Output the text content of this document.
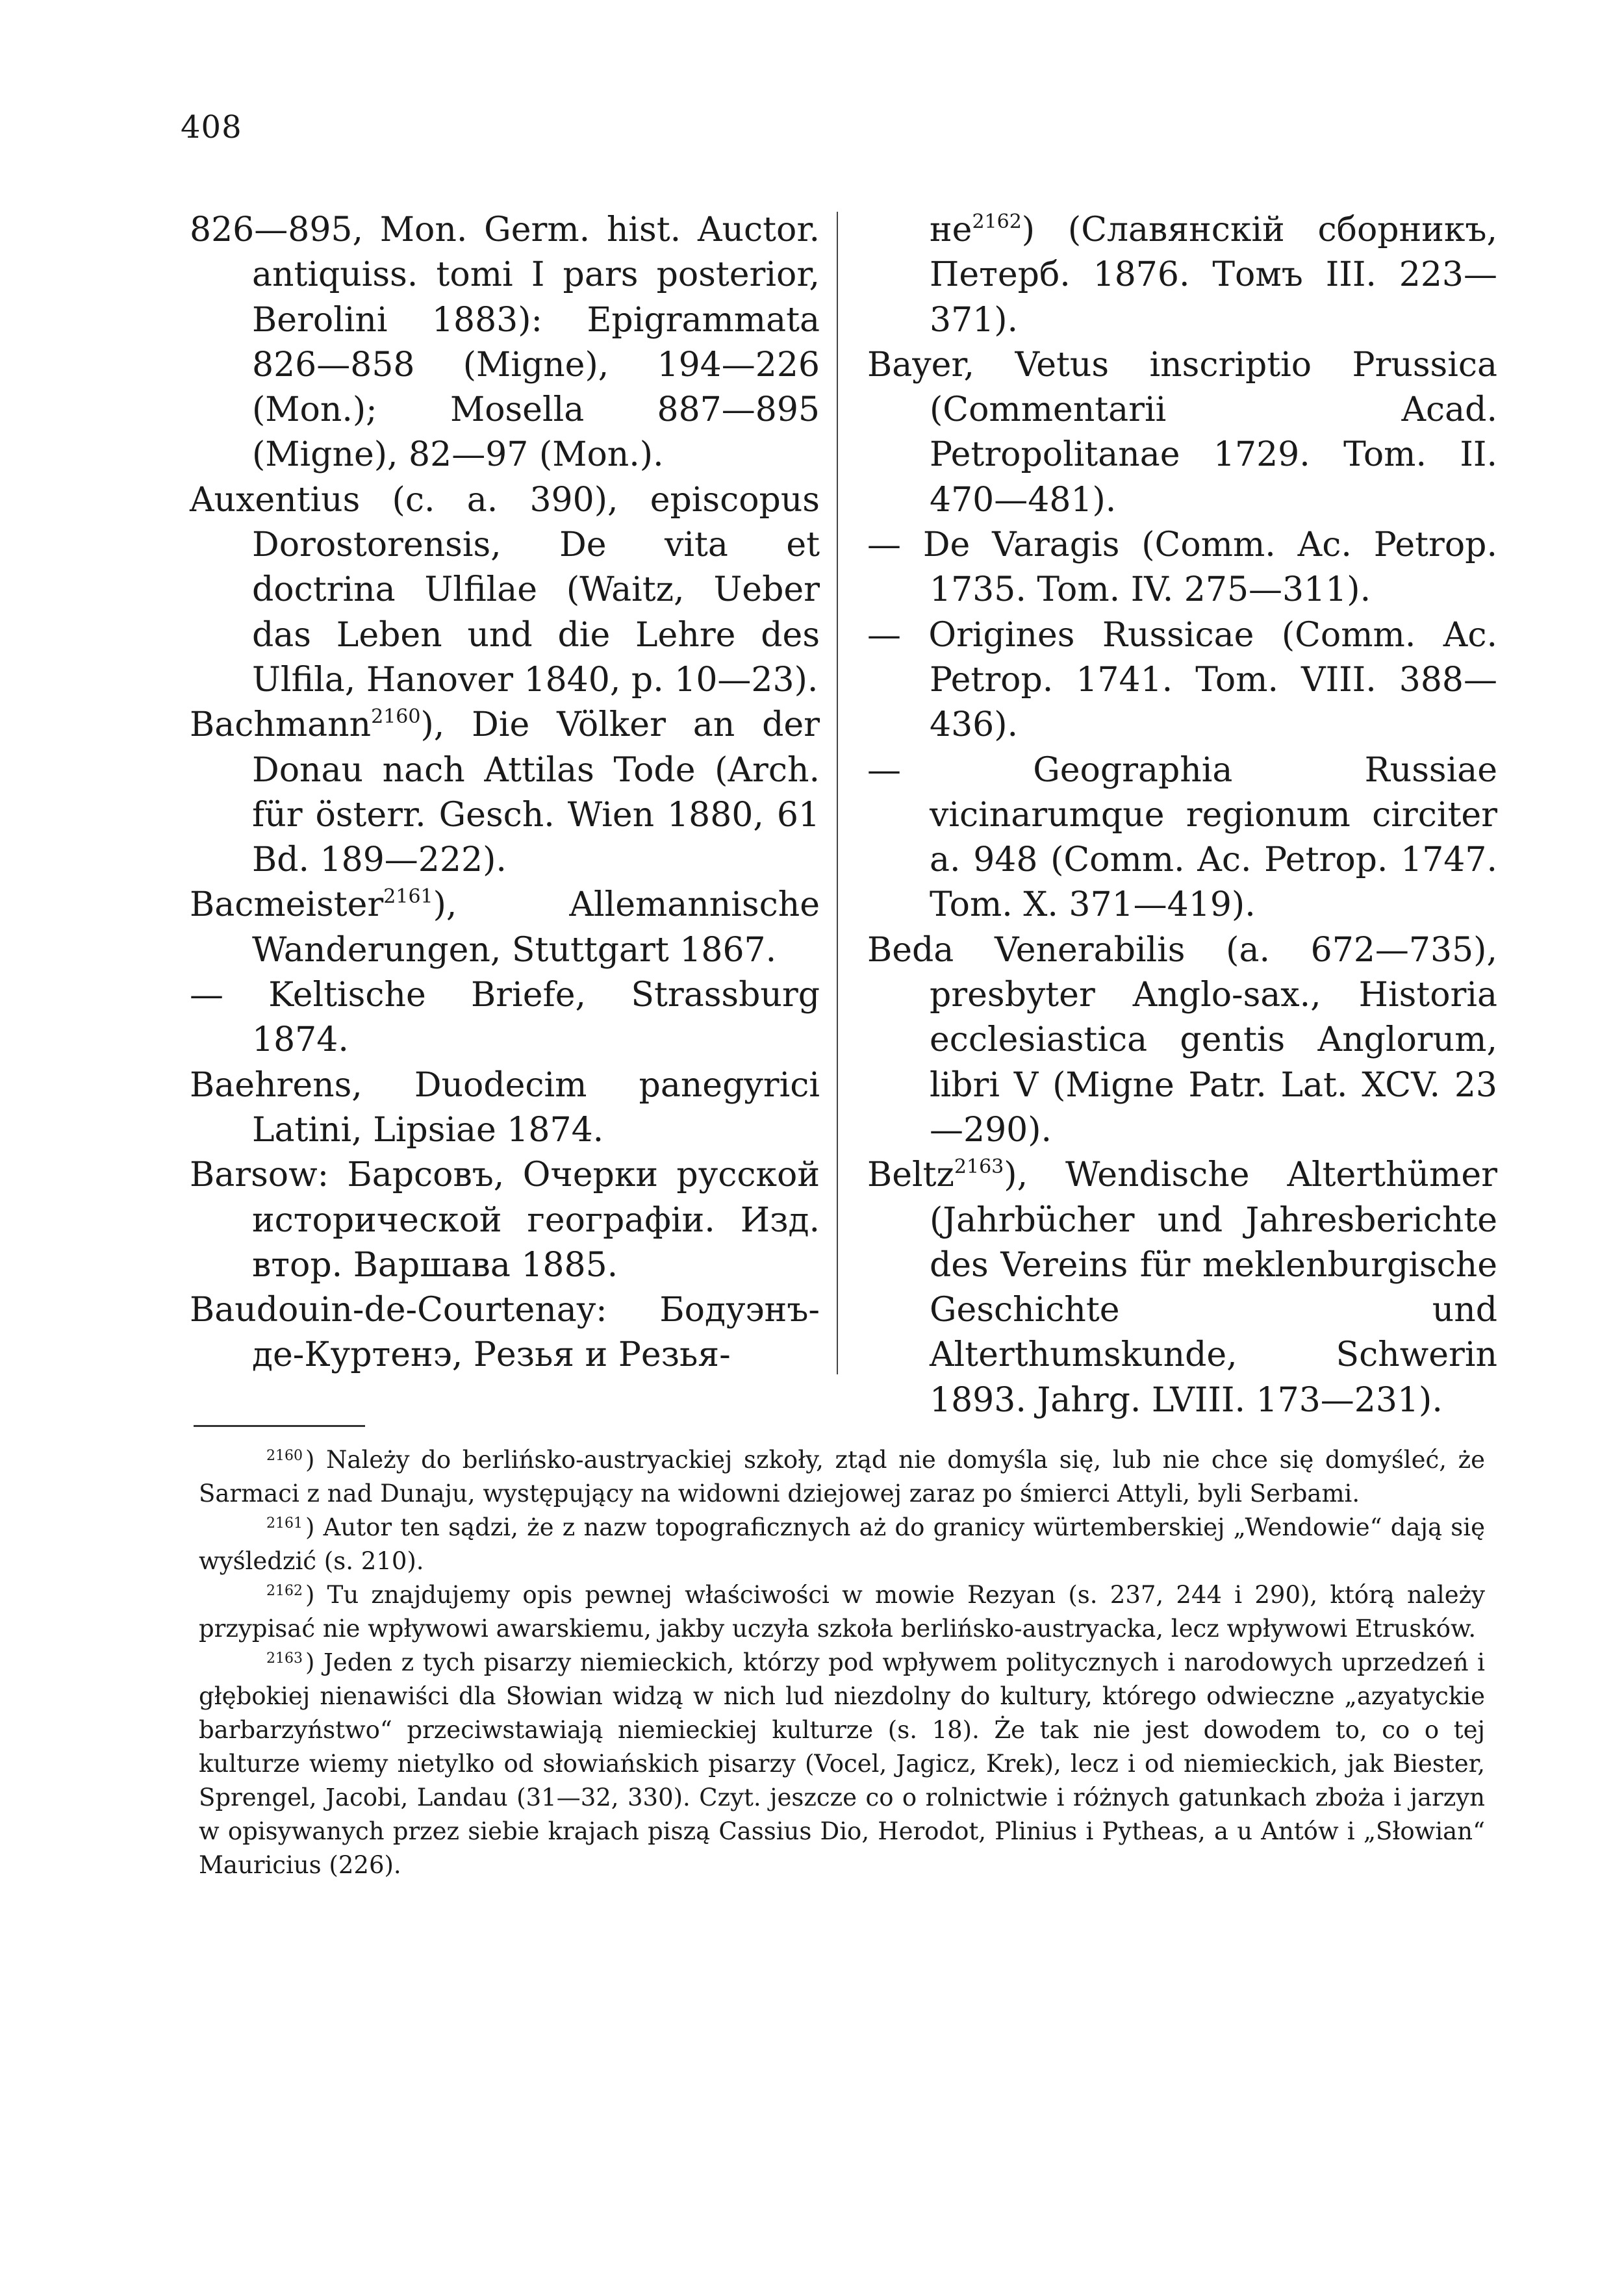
408

826—895, Mon. Germ. hist. Auctor. antiquiss. tomi I pars posterior, Berolini 1883): Epigrammata 826—858 (Migne), 194—226 (Mon.); Mosella 887—895 (Migne), 82—97 (Mon.).

Auxentius (c. a. 390), episcopus Dorostorensis, De vita et doctrina Ulfilae (Waitz, Ueber das Leben und die Lehre des Ulfila, Hanover 1840, p. 10—23).

Bachmann$^{2160}$), Die Völker an der Donau nach Attilas Tode (Arch. für österr. Gesch. Wien 1880, 61 Bd. 189—222).

Bacmeister$^{2161}$), Allemannische Wanderungen, Stuttgart 1867.

— Keltische Briefe, Strassburg 1874.

Baehrens, Duodecim panegyrici Latini, Lipsiae 1874.

Barsow: Барсовъ, Очерки русской исторической географіи. Изд. втор. Варшава 1885.

Baudouin-de-Courtenay: Бодуэнъ-де-Куртенэ, Резья и Резья-

не$^{2162}$) (Славянскій сборникъ, Петерб. 1876. Томъ III. 223—371).

Bayer, Vetus inscriptio Prussica (Commentarii Acad. Petropolitanae 1729. Tom. II. 470—481).

— De Varagis (Comm. Ac. Petrop. 1735. Tom. IV. 275—311).

— Origines Russicae (Comm. Ac. Petrop. 1741. Tom. VIII. 388—436).

— Geographia Russiae vicinarumque regionum circiter a. 948 (Comm. Ac. Petrop. 1747. Tom. X. 371—419).

Beda Venerabilis (a. 672—735), presbyter Anglo-sax., Historia ecclesiastica gentis Anglorum, libri V (Migne Patr. Lat. XCV. 23—290).

Beltz$^{2163}$), Wendische Alterthümer (Jahrbücher und Jahresberichte des Vereins für meklenburgische Geschichte und Alterthumskunde, Schwerin 1893. Jahrg. LVIII. 173—231).

$^{2160}$ ) Należy do berlińsko-austryackiej szkoły, ztąd nie domyśla się, lub nie chce się domyśleć, że Sarmaci z nad Dunaju, występujący na widowni dziejowej zaraz po śmierci Attyli, byli Serbami.

$^{2161}$ ) Autor ten sądzi, że z nazw topograficznych aż do granicy würtemberskiej „Wendowie“ dają się wyśledzić (s. 210).

$^{2162}$ ) Tu znajdujemy opis pewnej właściwości w mowie Rezyan (s. 237, 244 i 290), którą należy przypisać nie wpływowi awarskiemu, jakby uczyła szkoła berlińsko-austryacka, lecz wpływowi Etrusków.

$^{2163}$ ) Jeden z tych pisarzy niemieckich, którzy pod wpływem politycznych i narodowych uprzedzeń i głębokiej nienawiści dla Słowian widzą w nich lud niezdolny do kultury, którego odwieczne „azyatyckie barbarzyństwo“ przeciwstawiają niemieckiej kulturze (s. 18). Że tak nie jest dowodem to, co o tej kulturze wiemy nietylko od słowiańskich pisarzy (Vocel, Jagicz, Krek), lecz i od niemieckich, jak Biester, Sprengel, Jacobi, Landau (31—32, 330). Czyt. jeszcze co o rolnictwie i różnych gatunkach zboża i jarzyn w opisywanych przez siebie krajach piszą Cassius Dio, Herodot, Plinius i Pytheas, a u Antów i „Słowian“ Mauricius (226).
